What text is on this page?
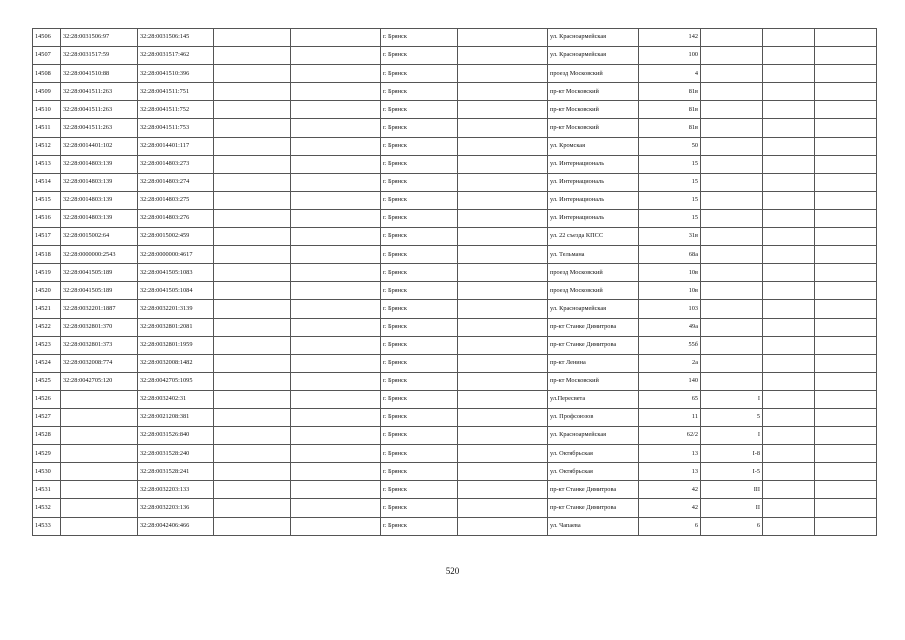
14506	32:28:0031506:97	32:28:0031506:145			г. Брянск		ул. Красноармейская	142			
14507	32:28:0031517:59	32:28:0031517:462			г. Брянск		ул. Красноармейская	100			
14508	32:28:0041510:88	32:28:0041510:396			г. Брянск		проезд Московский	4			
14509	32:28:0041511:263	32:28:0041511:751			г. Брянск		пр-кт Московский	81в			
14510	32:28:0041511:263	32:28:0041511:752			г. Брянск		пр-кт Московский	81в			
14511	32:28:0041511:263	32:28:0041511:753			г. Брянск		пр-кт Московский	81в			
14512	32:28:0014401:102	32:28:0014401:117			г. Брянск		ул. Кромская	50			
14513	32:28:0014803:139	32:28:0014803:273			г. Брянск		ул. Интернациональ	15			
14514	32:28:0014803:139	32:28:0014803:274			г. Брянск		ул. Интернациональ	15			
14515	32:28:0014803:139	32:28:0014803:275			г. Брянск		ул. Интернациональ	15			
14516	32:28:0014803:139	32:28:0014803:276			г. Брянск		ул. Интернациональ	15			
14517	32:28:0015002:64	32:28:0015002:459			г. Брянск		ул. 22 съезда КПСС	31в			
14518	32:28:0000000:2543	32:28:0000000:4617			г. Брянск		ул. Тельмана	68а			
14519	32:28:0041505:189	32:28:0041505:1083			г. Брянск		проезд Московский	10в			
14520	32:28:0041505:189	32:28:0041505:1084			г. Брянск		проезд Московский	10в			
14521	32:28:0032201:1887	32:28:0032201:3139			г. Брянск		ул. Красноармейская	103			
14522	32:28:0032801:370	32:28:0032801:2081			г. Брянск		пр-кт Станке Димитрова	49а			
14523	32:28:0032801:373	32:28:0032801:1959			г. Брянск		пр-кт Станке Димитрова	55б			
14524	32:28:0032008:774	32:28:0032008:1482			г. Брянск		пр-кт Ленина	2а			
14525	32:28:0042705:120	32:28:0042705:1095			г. Брянск		пр-кт Московский	140			
14526		32:28:0032402:31			г. Брянск		ул.Пересвета	65	I		
14527		32:28:0021208:381			г. Брянск		ул. Профсоюзов	11	5		
14528		32:28:0031526:840			г. Брянск		ул. Красноармейская	62/2	I		
14529		32:28:0031528:240			г. Брянск		ул. Октябрьская	13	I-8		
14530		32:28:0031528:241			г. Брянск		ул. Октябрьская	13	I-5		
14531		32:28:0032203:133			г. Брянск		пр-кт Станке Димитрова	42	III		
14532		32:28:0032203:136			г. Брянск		пр-кт Станке Димитрова	42	II		
14533		32:28:0042406:466			г. Брянск		ул. Чапаева	6	6		
520
